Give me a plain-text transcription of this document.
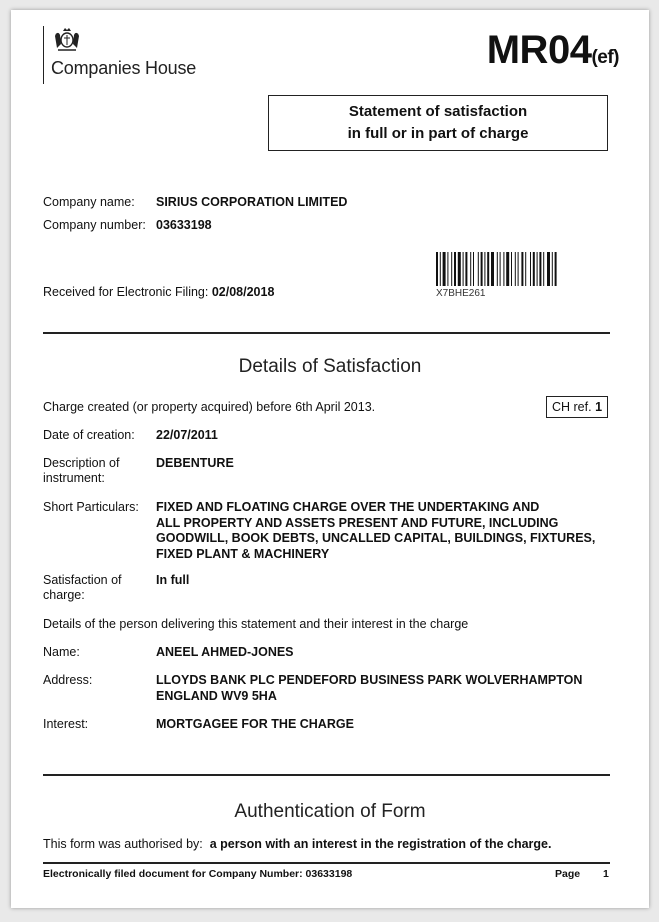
Companies House	MR04(ef)
Statement of satisfaction
in full or in part of charge
Company name: SIRIUS CORPORATION LIMITED
Company number: 03633198
X7BHE261
Received for Electronic Filing: 02/08/2018
Details of Satisfaction
Charge created (or property acquired) before 6th April 2013.	CH ref. 1
Date of creation: 22/07/2011
Description of
instrument:
DEBENTURE
Short Particulars: FIXED AND FLOATING CHARGE OVER THE UNDERTAKING AND
ALL PROPERTY AND ASSETS PRESENT AND FUTURE, INCLUDING
GOODWILL, BOOK DEBTS, UNCALLED CAPITAL, BUILDINGS, FIXTURES,
FIXED PLANT & MACHINERY
Satisfaction of
charge:
In full
Details of the person delivering this statement and their interest in the charge
Name:	ANEEL AHMED-JONES
Address:	LLOYDS BANK PLC PENDEFORD BUSINESS PARK WOLVERHAMPTON
ENGLAND WV9 5HA
Interest:	MORTGAGEE FOR THE CHARGE
Authentication of Form
This form was authorised by: a person with an interest in the registration of the charge.
Electronically filed document for Company Number: 03633198	Page 1
